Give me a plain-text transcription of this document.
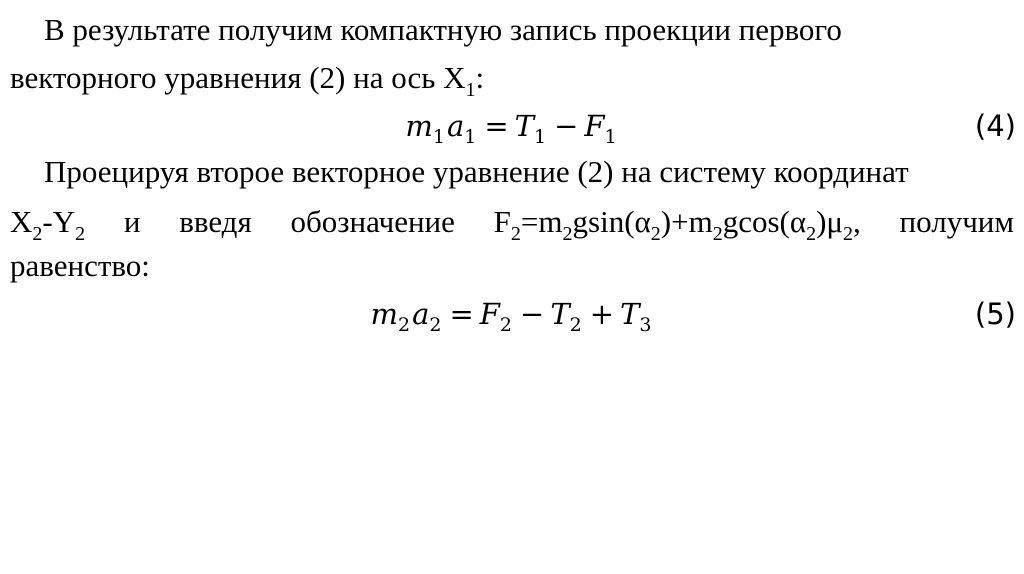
В результате получим компактную запись проекции первого
векторного уравнения (2) на ось $X_1$:
$m_1a_1 = T_1 - F_1$	(4)
Проецируя второе векторное уравнение (2) на систему координат
$X_2-Y_2$ и введя обозначение $F_2=m_2gsin(\alpha_2)+m_2gcos(\alpha_2)\mu_2$, получим
равенство:
$m_2a_2 = F_2 - T_2 + T_3$	(5)
